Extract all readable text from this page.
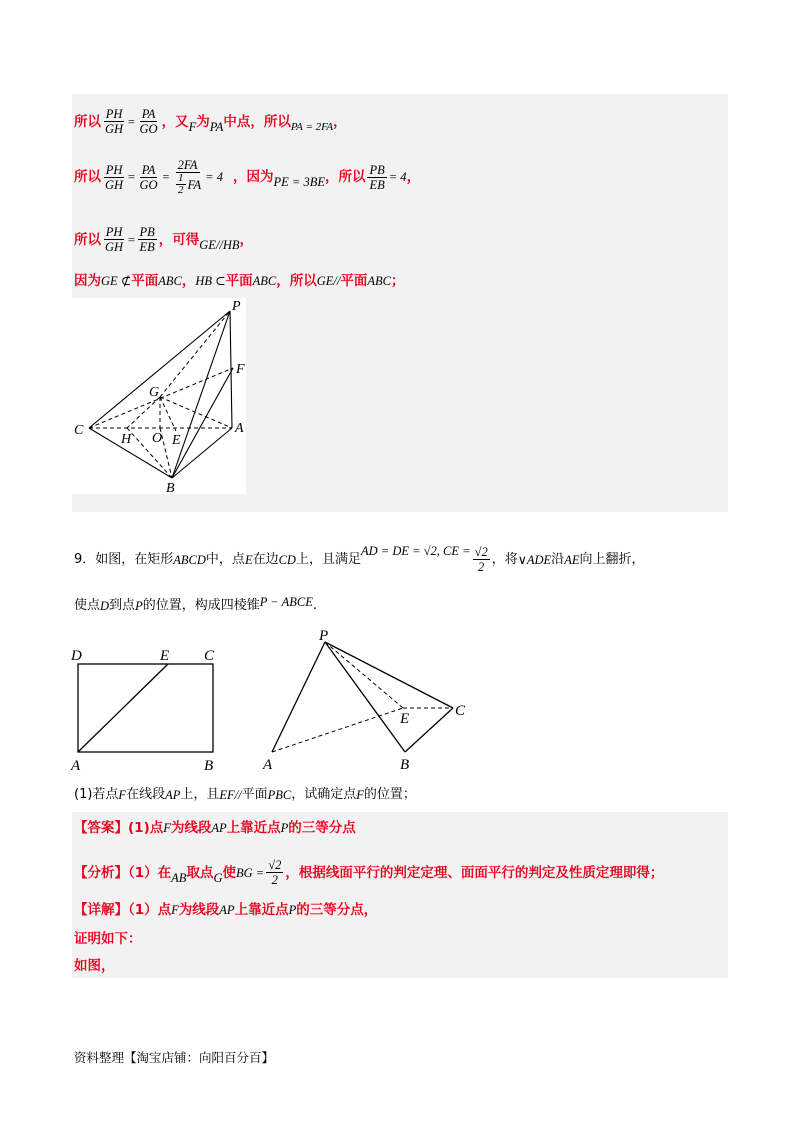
所以 $\frac{PH}{GH} = \frac{PA}{GO}$ ，又 F 为 PA 中点，所以 PA = 2FA ，
所以 $\frac{PH}{GH} = \frac{PA}{GO} = \frac{2FA}{\frac{1}{2} FA} = 4$ ，因为 PE = 3BE ，所以 $\frac{PB}{EB} = 4$ ，
所以 $\frac{PH}{GH} = \frac{PB}{EB}$ ，可得 GE//HB ，
因为 GE ⊄ 平面 ABC ， HB ⊂ 平面 ABC ，所以 GE// 平面 ABC ；
P
F
G
C	A
H O E
B
9．如图，在矩形 ABCD 中，点 E 在边 CD 上，且满足
AD = DE = √2, CE = $\frac{√2}{2}$ ，将 ∨ADE 沿 AE 向上翻折，
使点 D 到点 P 的位置，构成四棱锥 P − ABCE .
D	E C
A	B
P
E	C
A	B
(1)若点 F 在线段 AP 上，且 EF // 平面 PBC ，试确定点 F 的位置；
【答案】(1)点 F 为线段 AP 上靠近点 P 的三等分点
【分析】（1）在 AB 取点 G 使 BG = $\frac{√2}{2}$ ，根据线面平行的判定定理、面面平行的判定及性质定理即得；
【详解】（1）点 F 为线段 AP 上靠近点 P 的三等分点，
证明如下：
如图，
资料整理【淘宝店铺：向阳百分百】
